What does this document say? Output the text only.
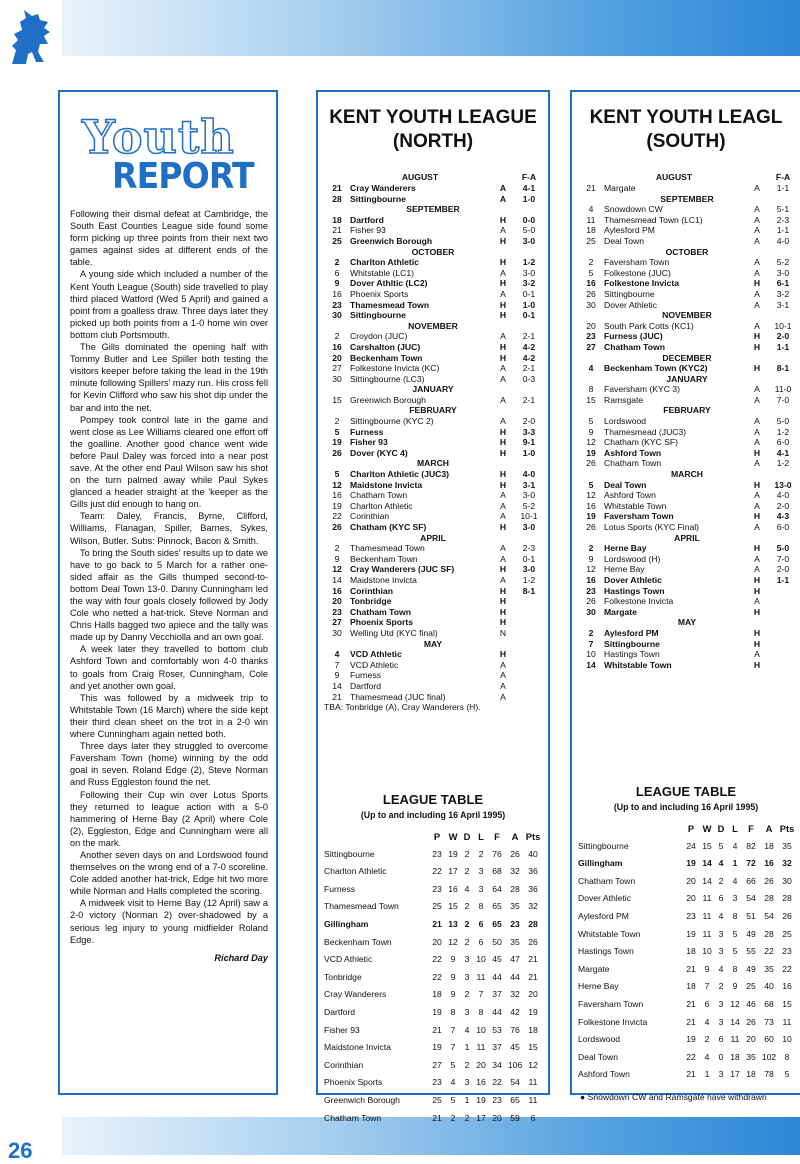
26
Youth
REPORT

Following their dismal defeat at Cambridge, the South East Counties League side found some form picking up three points from their next two games against sides at different ends of the table.

A young side which included a number of the Kent Youth League (South) side travelled to play third placed Watford (Wed 5 April) and gained a point from a goalless draw. Three days later they picked up both points from a 1-0 home win over bottom club Portsmouth.

The Gills dominated the opening half with Tommy Butler and Lee Spiller both testing the visitors keeper before taking the lead in the 19th minute following Spillers' mazy run. His cross fell for Kevin Clifford who saw his shot dip under the bar and into the net.

Pompey took control late in the game and went close as Lee Williams cleared one effort off the goalline. Another good chance went wide before Paul Daley was forced into a near post save. At the other end Paul Wilson saw his shot on the turn palmed away while Paul Sykes glanced a header straight at the 'keeper as the Gills just did enough to hang on.

Team: Daley, Francis, Byrne, Clifford, Williams, Flanagan, Spiller, Barnes, Sykes, Wilson, Butler. Subs: Pinnock, Bacon & Smith.

To bring the South sides' results up to date we have to go back to 5 March for a rather one-sided affair as the Gills thumped second-to-bottom Deal Town 13-0. Danny Cunningham led the way with four goals closely followed by Jody Cole who netted a hat-trick. Steve Norman and Chris Halls bagged two apiece and the tally was made up by Danny Vecchiolla and an own goal.

A week later they travelled to bottom club Ashford Town and comfortably won 4-0 thanks to goals from Craig Roser, Cunningham, Cole and yet another own goal.

This was followed by a midweek trip to Whitstable Town (16 March) where the side kept their third clean sheet on the trot in a 2-0 win where Cunningham again netted both.

Three days later they struggled to overcome Faversham Town (home) winning by the odd goal in seven. Roland Edge (2), Steve Norman and Russ Eggleston found the net.

Following their Cup win over Lotus Sports they returned to league action with a 5-0 hammering of Herne Bay (2 April) where Cole (2), Eggleston, Edge and Cunningham were all on the mark.

Another seven days on and Lordswood found themselves on the wrong end of a 7-0 scoreline. Cole added another hat-trick, Edge hit two more while Norman and Halls completed the scoring.

A midweek visit to Herne Bay (12 April) saw a 2-0 victory (Norman 2) over-shadowed by a serious leg injury to young midfielder Roland Edge.

Richard Day

KENT YOUTH LEAGUE
(NORTH)
AUGUST	F-A
21 Cray Wanderers	A	4-1
28 Sittingbourne	A	1-0
SEPTEMBER
18 Dartford	H	0-0
21 Fisher 93	A	5-0
25 Greenwich Borough	H	3-0
OCTOBER
2	Charlton Athletic	H	1-2
6	Whitstable (LC1)	A	3-0
9	Dover Athltic (LC2)	H	3-2
16 Phoenix Sports	A	0-1
23 Thamesmead Town	H	1-0
30 Sittingbourne	H	0-1
NOVEMBER
2	Croydon (JUC)	A	2-1
16 Carshalton (JUC)	H	4-2
20 Beckenham Town	H	4-2
27 Folkestone Invicta (KC)	A	2-1
30 Sittingbourne (LC3)	A	0-3
JANUARY
15 Greenwich Borough	A	2-1
FEBRUARY
2	Sittingbourne (KYC 2)	A	2-0
5	Furness	H	3-3
19 Fisher 93	H	9-1
26 Dover (KYC 4)	H	1-0
MARCH
5	Charlton Athletic (JUC3)	H	4-0
12 Maidstone Invicta	H	3-1
16 Chatham Town	A	3-0
19 Charlton Athletic	A	5-2
22 Corinthian	A	10-1
26 Chatham (KYC SF)	H	3-0
APRIL
2	Thamesmead Town	A	2-3
9	Beckenham Town	A	0-1
12 Cray Wanderers (JUC SF)	H	3-0
14 Maidstone Invicta	A	1-2
16 Corinthian	H	8-1
20 Tonbridge	H
23 Chatham Town	H
27 Phoenix Sports	H
30 Welling Utd (KYC final)	N
MAY
4	VCD Athletic	H
7	VCD Athletic	A
9	Furness	A
14 Dartford	A
21 Thamesmead (JUC final)	A
TBA: Tonbridge (A), Cray Wanderers (H).
LEAGUE TABLE
(Up to and including 16 April 1995)
P W D L	F	A Pts
Sittingbourne	23 19 2	2	76 26 40
Charlton Athletic	22 17 2	3	68 32 36
Furness	23 16 4	3	64 28 36
Thamesmead Town	25 15 2	8	65 35 32
Gillingham	21 13 2	6	65 23 28
Beckenham Town	20 12 2	6	50 35 26
VCD Athletic	22	9	3 10 45 47 21
Tonbridge	22	9	3 11 44 44 21
Cray Wanderers	18	9	2	7	37 32 20
Dartford	19	8	3	8	44 42 19
Fisher 93	21	7	4 10 53 76 18
Maidstone Invicta	19	7	1 11 37 45 15
Corinthian	27	5	2 20 34 106 12
Phoenix Sports	23	4	3 16 22 54	11
Greenwich Borough	25	5	1 19 23 65	11
Chatham Town	21	2	2 17 20 59	6
KENT YOUTH LEAGL
(SOUTH)
AUGUST	F-A
21 Margate	A	1-1
SEPTEMBER
4	Snowdown CW	A	5-1
11 Thamesmead Town (LC1)	A	2-3
18 Aylesford PM	A	1-1
25 Deal Town	A	4-0
OCTOBER
2	Faversham Town	A	5-2
5	Folkestone (JUC)	A	3-0
16 Folkestone Invicta	H	6-1
26 Sittingbourne	A	3-2
30 Dover Athletic	A	3-1
NOVEMBER
20 South Park Cotts (KC1)	A	10-1
23 Furness (JUC)	H	2-0
27 Chatham Town	H	1-1
DECEMBER
4	Beckenham Town (KYC2)	H	8-1
JANUARY
8	Faversham (KYC 3)	A	11-0
15 Ramsgate	A	7-0
FEBRUARY
5	Lordswood	A	5-0
9	Thamesmead (JUC3)	A	1-2
12 Chatham (KYC SF)	A	6-0
19 Ashford Town	H	4-1
26 Chatham Town	A	1-2
MARCH
5	Deal Town	H	13-0
12 Ashford Town	A	4-0
16 Whitstable Town	A	2-0
19 Faversham Town	H	4-3
26 Lotus Sports (KYC Final)	A	6-0
APRIL
2	Herne Bay	H	5-0
9	Lordswood (H)	A	7-0
12 Herne Bay	A	2-0
16 Dover Athletic	H	1-1
23 Hastings Town	H
26 Folkestone Invicta	A
30 Margate	H
MAY
2	Aylesford PM	H
7	Sittingbourne	H
10 Hastings Town	A
14 Whitstable Town	H
LEAGUE TABLE
(Up to and including 16 April 1995)
P W D L	F	A Pts
Sittingbourne	24 15 5	4	82 18 35
Gillingham	19 14 4	1	72 16 32
Chatham Town	20 14 2	4	66 26 30
Dover Athletic	20 11 6	3	54 28 28
Aylesford PM	23 11 4	8	51 54 26
Whitstable Town	19 11 3	5	49 28 25
Hastings Town	18 10 3	5	55 22 23
Margate	21	9	4	8	49 35 22
Herne Bay	18	7	2	9	25 40 16
Faversham Town	21	6	3 12 46 68 15
Folkestone Invicta	21	4	3 14 26 73	11
Lordswood	19	2	6 11 20 60 10
Deal Town	22	4	0 18 35 102 8
Ashford Town	21	1	3 17 18 78	5
● Snowdown CW and Ramsgate have withdrawn
